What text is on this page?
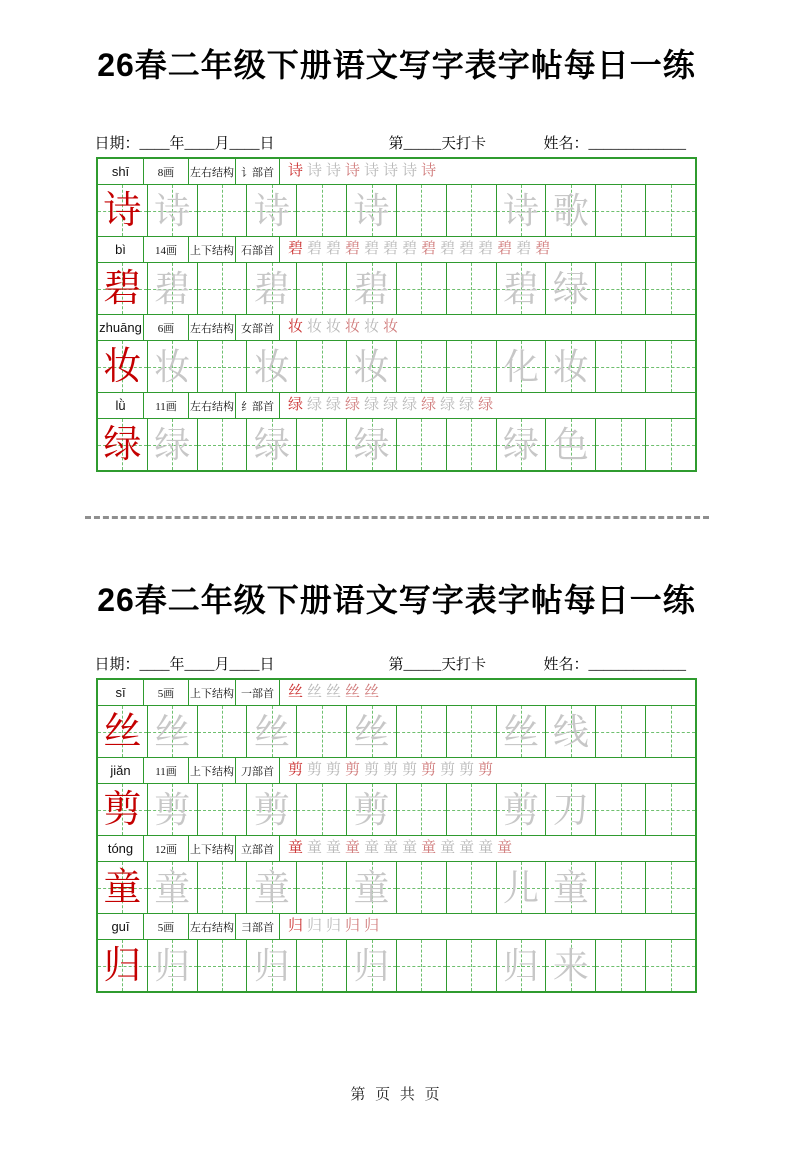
26春二年级下册语文写字表字帖每日一练
日期：____年____月____日	第_____天打卡	姓名：_____________
shī	8画	左右结构 讠部首 诗 诗 诗 诗 诗 诗 诗 诗
诗 诗 诗 诗	诗 歌
bì	14画	上下结构 石部首 碧 碧 碧 碧 碧 碧 碧 碧 碧 碧 碧 碧 碧 碧
碧 碧 碧 碧	碧 绿
zhuāng	6画	左右结构 女部首 妆 妆 妆 妆 妆 妆
妆 妆 妆 妆	化 妆
lǜ	11画	左右结构 纟部首 绿 绿 绿 绿 绿 绿 绿 绿 绿 绿 绿
绿 绿 绿 绿	绿 色
26春二年级下册语文写字表字帖每日一练
日期：____年____月____日	第_____天打卡	姓名：_____________
sī	5画	上下结构 一部首 丝 丝 丝 丝 丝
丝 丝 丝 丝	丝 线
jiǎn	11画	上下结构 刀部首 剪 剪 剪 剪 剪 剪 剪 剪 剪 剪 剪
剪 剪 剪 剪	剪 刀
tóng	12画	上下结构 立部首 童 童 童 童 童 童 童 童 童 童 童 童
童 童 童 童	儿 童
guī	5画	左右结构 彐部首 归 归 归 归 归
归 归 归 归	归 来
第 页 共 页
